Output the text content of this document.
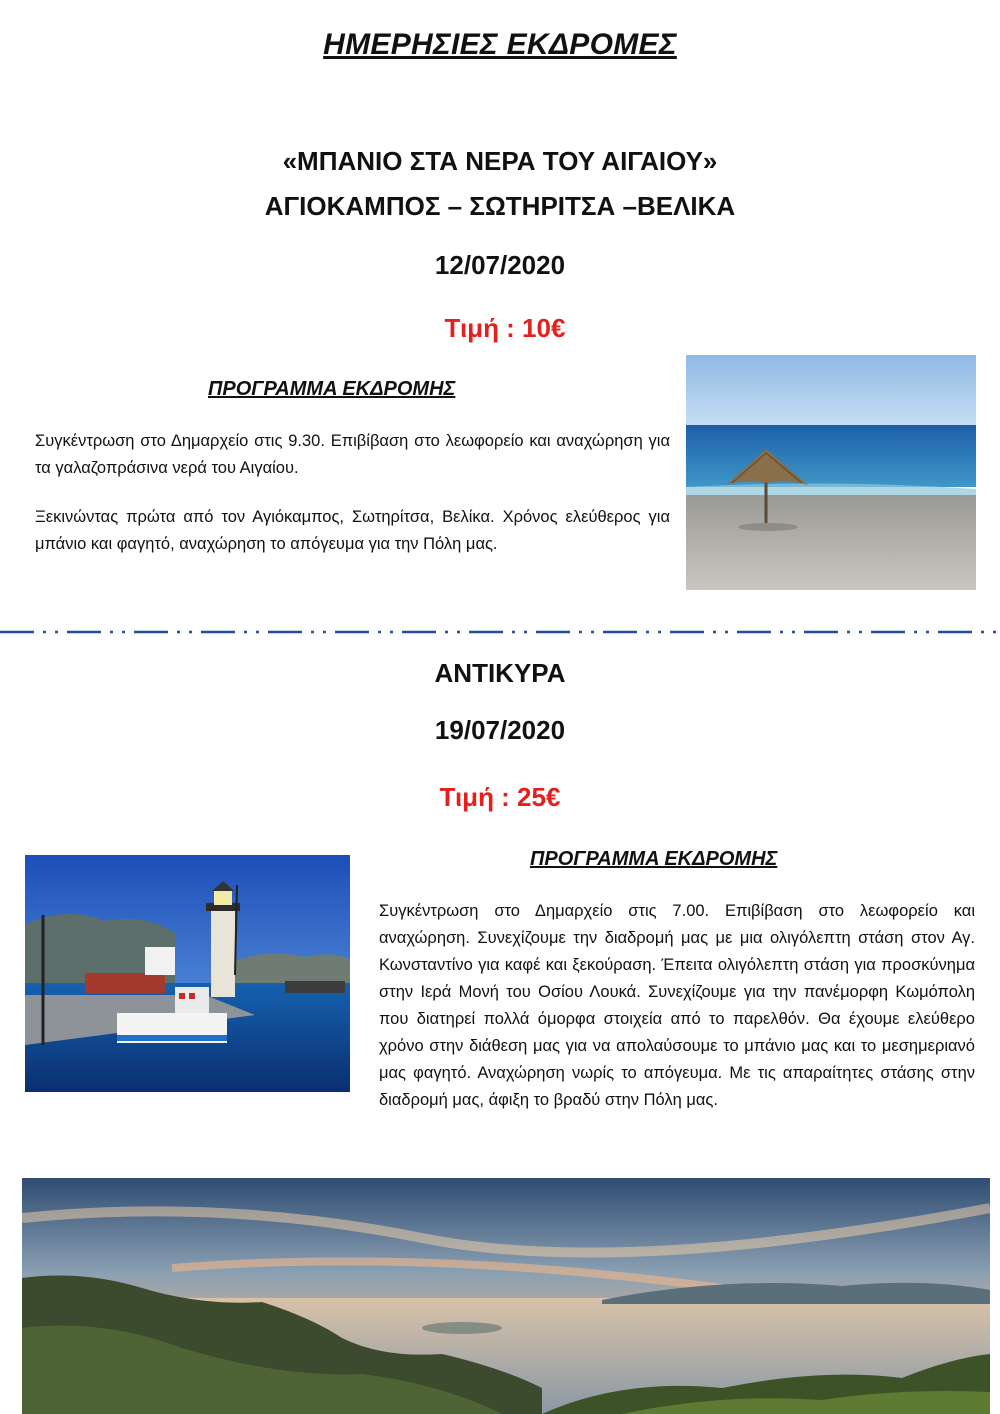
ΗΜΕΡΗΣΙΕΣ ΕΚΔΡΟΜΕΣ
«ΜΠΑΝΙΟ ΣΤΑ ΝΕΡΑ ΤΟΥ ΑΙΓΑΙΟΥ»
ΑΓΙΟΚΑΜΠΟΣ – ΣΩΤΗΡΙΤΣΑ –ΒΕΛΙΚΑ
12/07/2020
Τιμή : 10€
ΠΡΟΓΡΑΜΜΑ ΕΚΔΡΟΜΗΣ
Συγκέντρωση στο Δημαρχείο στις 9.30. Επιβίβαση στο λεωφορείο και αναχώρηση για τα γαλαζοπράσινα νερά του Αιγαίου.
Ξεκινώντας πρώτα από τον Αγιόκαμπος, Σωτηρίτσα, Βελίκα. Χρόνος ελεύθερος για μπάνιο και φαγητό, αναχώρηση το απόγευμα για την Πόλη μας.
ΑΝΤΙΚΥΡΑ
19/07/2020
Τιμή : 25€
ΠΡΟΓΡΑΜΜΑ ΕΚΔΡΟΜΗΣ
Συγκέντρωση στο Δημαρχείο στις 7.00. Επιβίβαση στο λεωφορείο και αναχώρηση. Συνεχίζουμε την διαδρομή μας με μια ολιγόλεπτη στάση στον Αγ. Κωνσταντίνο για καφέ και ξεκούραση. Έπειτα ολιγόλεπτη στάση για προσκύνημα στην Ιερά Μονή του Οσίου Λουκά. Συνεχίζουμε για την πανέμορφη Κωμόπολη που διατηρεί πολλά όμορφα στοιχεία από το παρελθόν. Θα έχουμε ελεύθερο χρόνο στην διάθεση μας για να απολαύσουμε το μπάνιο μας και το μεσημεριανό μας φαγητό. Αναχώρηση νωρίς το απόγευμα. Με τις απαραίτητες στάσης στην διαδρομή μας, άφιξη το βραδύ στην Πόλη μας.
